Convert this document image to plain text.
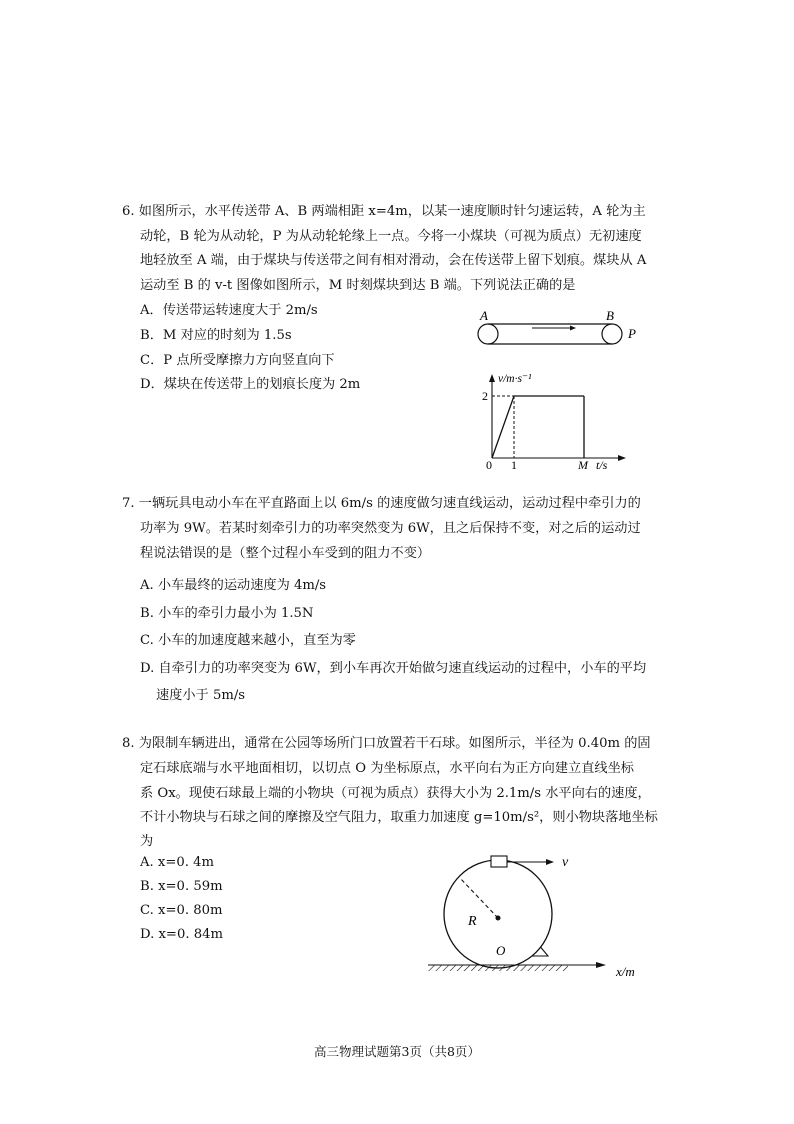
6. 如图所示，水平传送带 A、B 两端相距 x=4m，以某一速度顺时针匀速运转，A 轮为主
动轮，B 轮为从动轮，P 为从动轮轮缘上一点。今将一小煤块（可视为质点）无初速度
地轻放至 A 端，由于煤块与传送带之间有相对滑动，会在传送带上留下划痕。煤块从 A
运动至 B 的 v-t 图像如图所示，M 时刻煤块到达 B 端。下列说法正确的是
A．传送带运转速度大于 2m/s
B．M 对应的时刻为 1.5s
C．P 点所受摩擦力方向竖直向下
D．煤块在传送带上的划痕长度为 2m
A	B
P
v/m·s⁻¹
2
0 1	M t/s
7. 一辆玩具电动小车在平直路面上以 6m/s 的速度做匀速直线运动，运动过程中牵引力的
功率为 9W。若某时刻牵引力的功率突然变为 6W，且之后保持不变，对之后的运动过
程说法错误的是（整个过程小车受到的阻力不变）
A. 小车最终的运动速度为 4m/s
B. 小车的牵引力最小为 1.5N
C. 小车的加速度越来越小，直至为零
D. 自牵引力的功率突变为 6W，到小车再次开始做匀速直线运动的过程中，小车的平均
速度小于 5m/s
8. 为限制车辆进出，通常在公园等场所门口放置若干石球。如图所示，半径为 0.40m 的固
定石球底端与水平地面相切，以切点 O 为坐标原点，水平向右为正方向建立直线坐标
系 Ox。现使石球最上端的小物块（可视为质点）获得大小为 2.1m/s 水平向右的速度，
不计小物块与石球之间的摩擦及空气阻力，取重力加速度 g=10m/s²，则小物块落地坐标
为
A. x=0. 4m
B. x=0. 59m
C. x=0. 80m
D. x=0. 84m
v
R
O
x/m
高三物理试题第3页（共8页）
